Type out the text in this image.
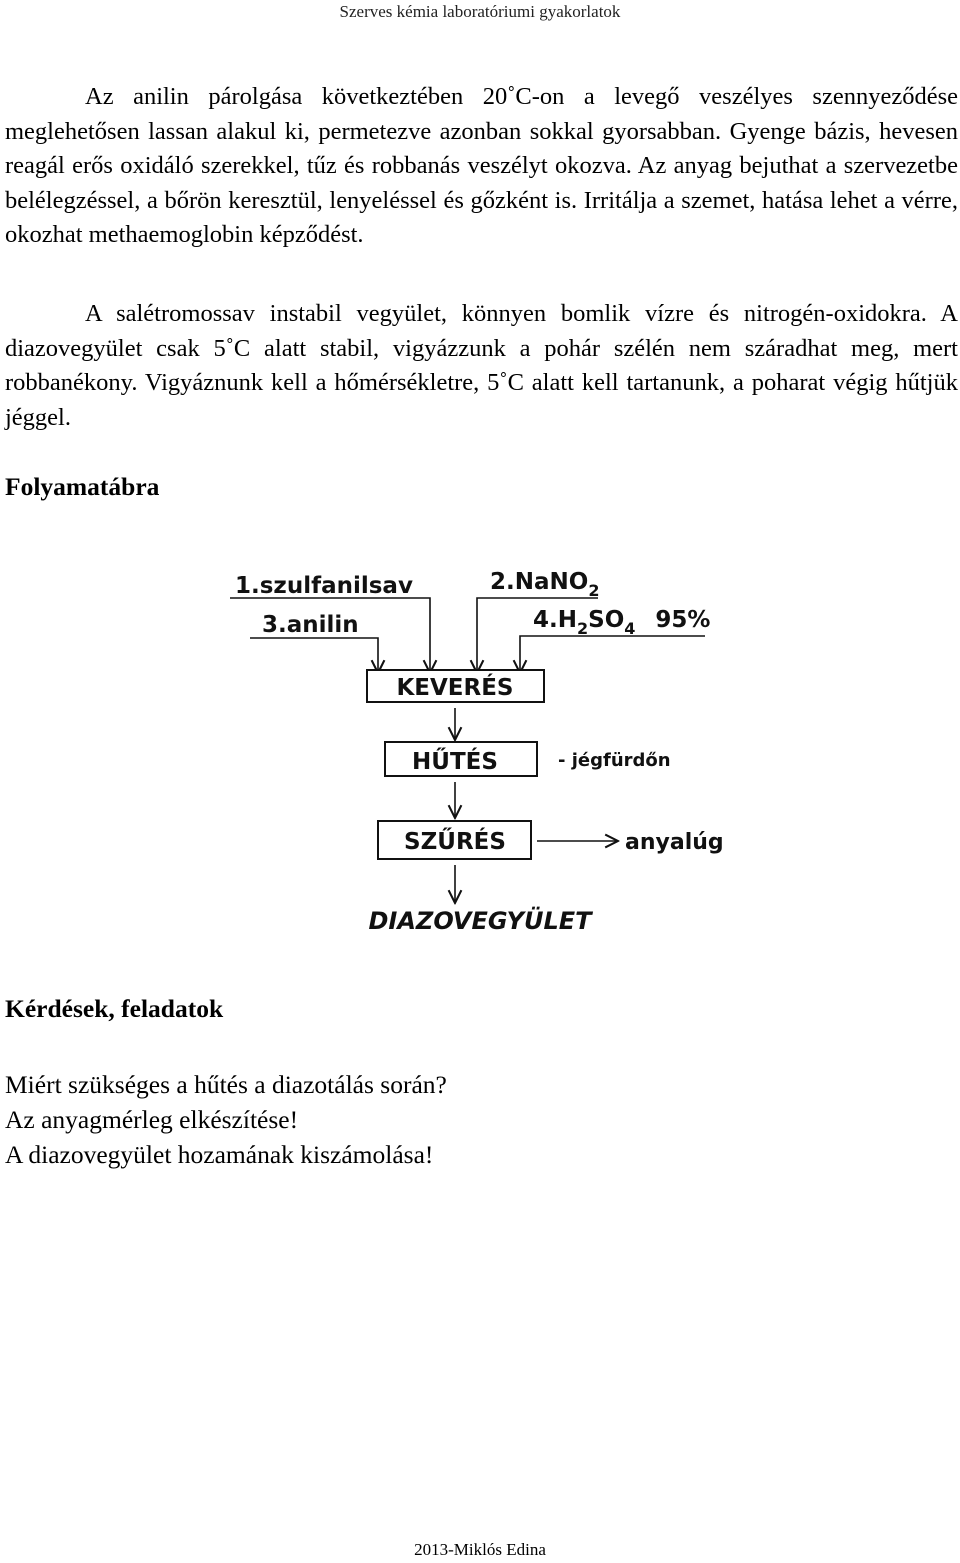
Szerves kémia laboratóriumi gyakorlatok

Az anilin párolgása következtében 20˚C-on a levegő veszélyes szennyeződése meglehetősen lassan alakul ki, permetezve azonban sokkal gyorsabban. Gyenge bázis, hevesen reagál erős oxidáló szerekkel, tűz és robbanás veszélyt okozva. Az anyag bejuthat a szervezetbe belélegzéssel, a bőrön keresztül, lenyeléssel és gőzként is. Irritálja a szemet, hatása lehet a vérre, okozhat methaemoglobin képződést.

A salétromossav instabil vegyület, könnyen bomlik vízre és nitrogén-oxidokra. A diazovegyület csak 5˚C alatt stabil, vigyázzunk a pohár szélén nem száradhat meg, mert robbanékony. Vigyáznunk kell a hőmérsékletre, 5˚C alatt kell tartanunk, a poharat végig hűtjük jéggel.

Folyamatábra
1.szulfanilsav	2.NaNO$_2$
3.anilin	$4.H_2SO_4$ 95%
KEVERÉS
HŰTÉS	- jégfürdőn
SZŰRÉS	anyalúg
DIAZOVEGYÜLET
Kérdések, feladatok
Miért szükséges a hűtés a diazotálás során?
Az anyagmérleg elkészítése!
A diazovegyület hozamának kiszámolása!
2013-Miklós Edina
